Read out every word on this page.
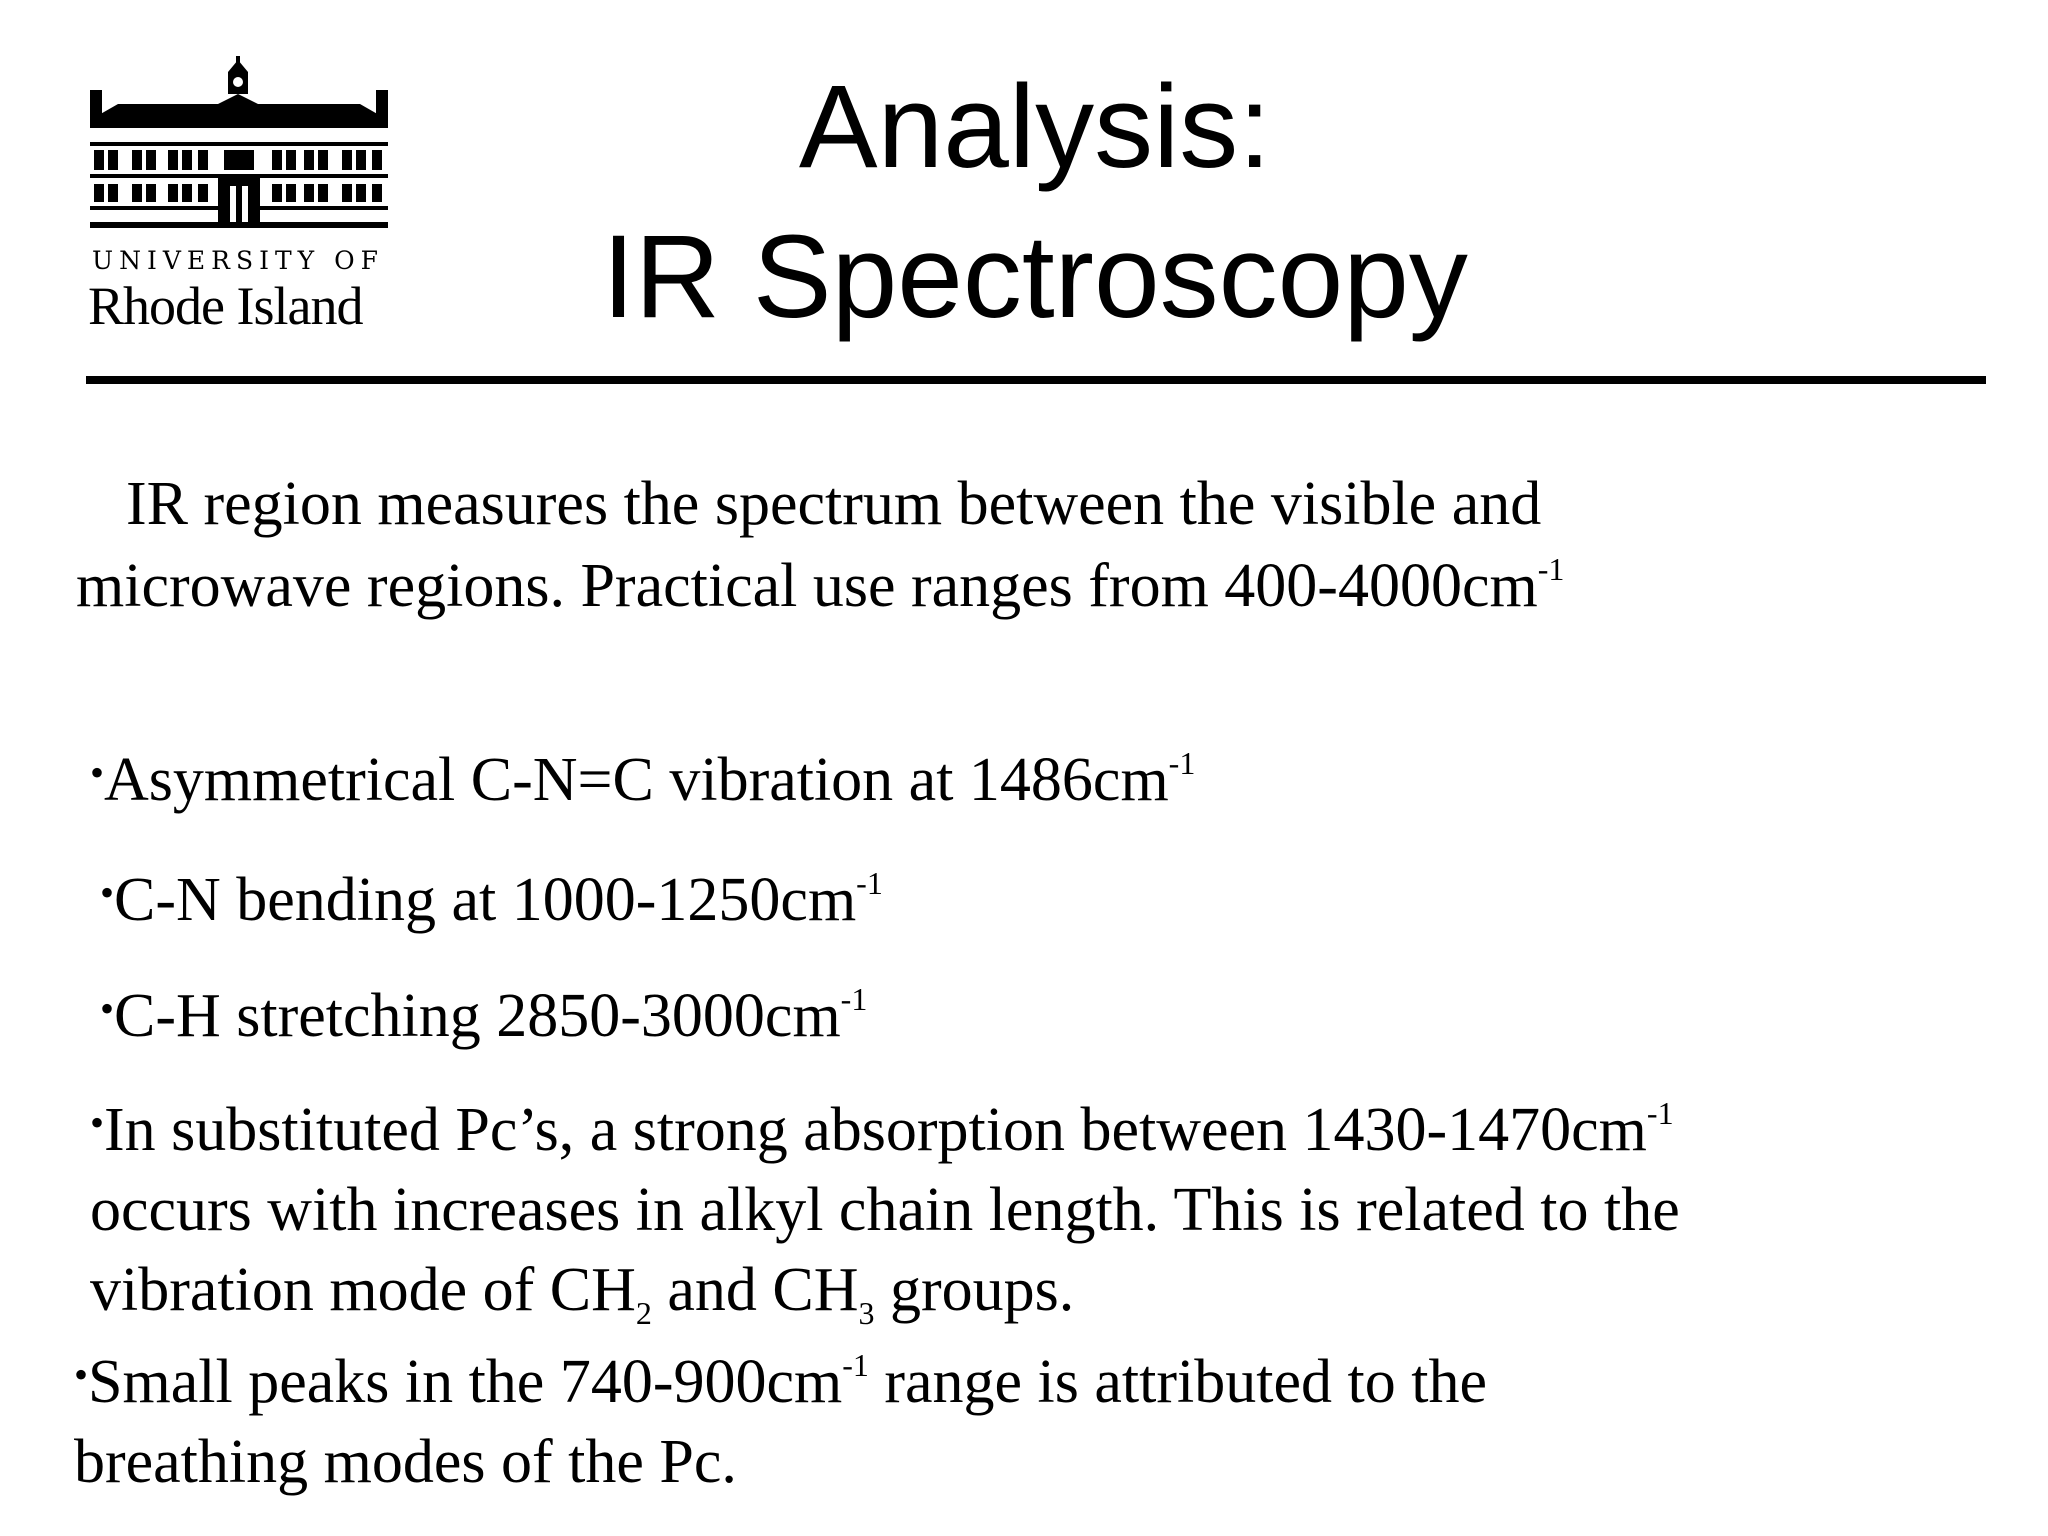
UNIVERSITY OF
Rhode Island
Analysis:
IR Spectroscopy
IR region measures the spectrum between the visible and
microwave regions. Practical use ranges from $400-4000cm^{-1}$
•Asymmetrical C-N=C vibration at $1486cm^{-1}$
•C-N bending at $1000-1250cm^{-1}$
•C-H stretching $2850-3000cm^{-1}$
•In substituted Pc’s, a strong absorption between $1430-1470cm^{-1}$
occurs with increases in alkyl chain length. This is related to the
vibration mode of $CH_2$ and $CH_3$ groups.
•Small peaks in the $740-900cm^{-1}$ range is attributed to the
breathing modes of the Pc.
